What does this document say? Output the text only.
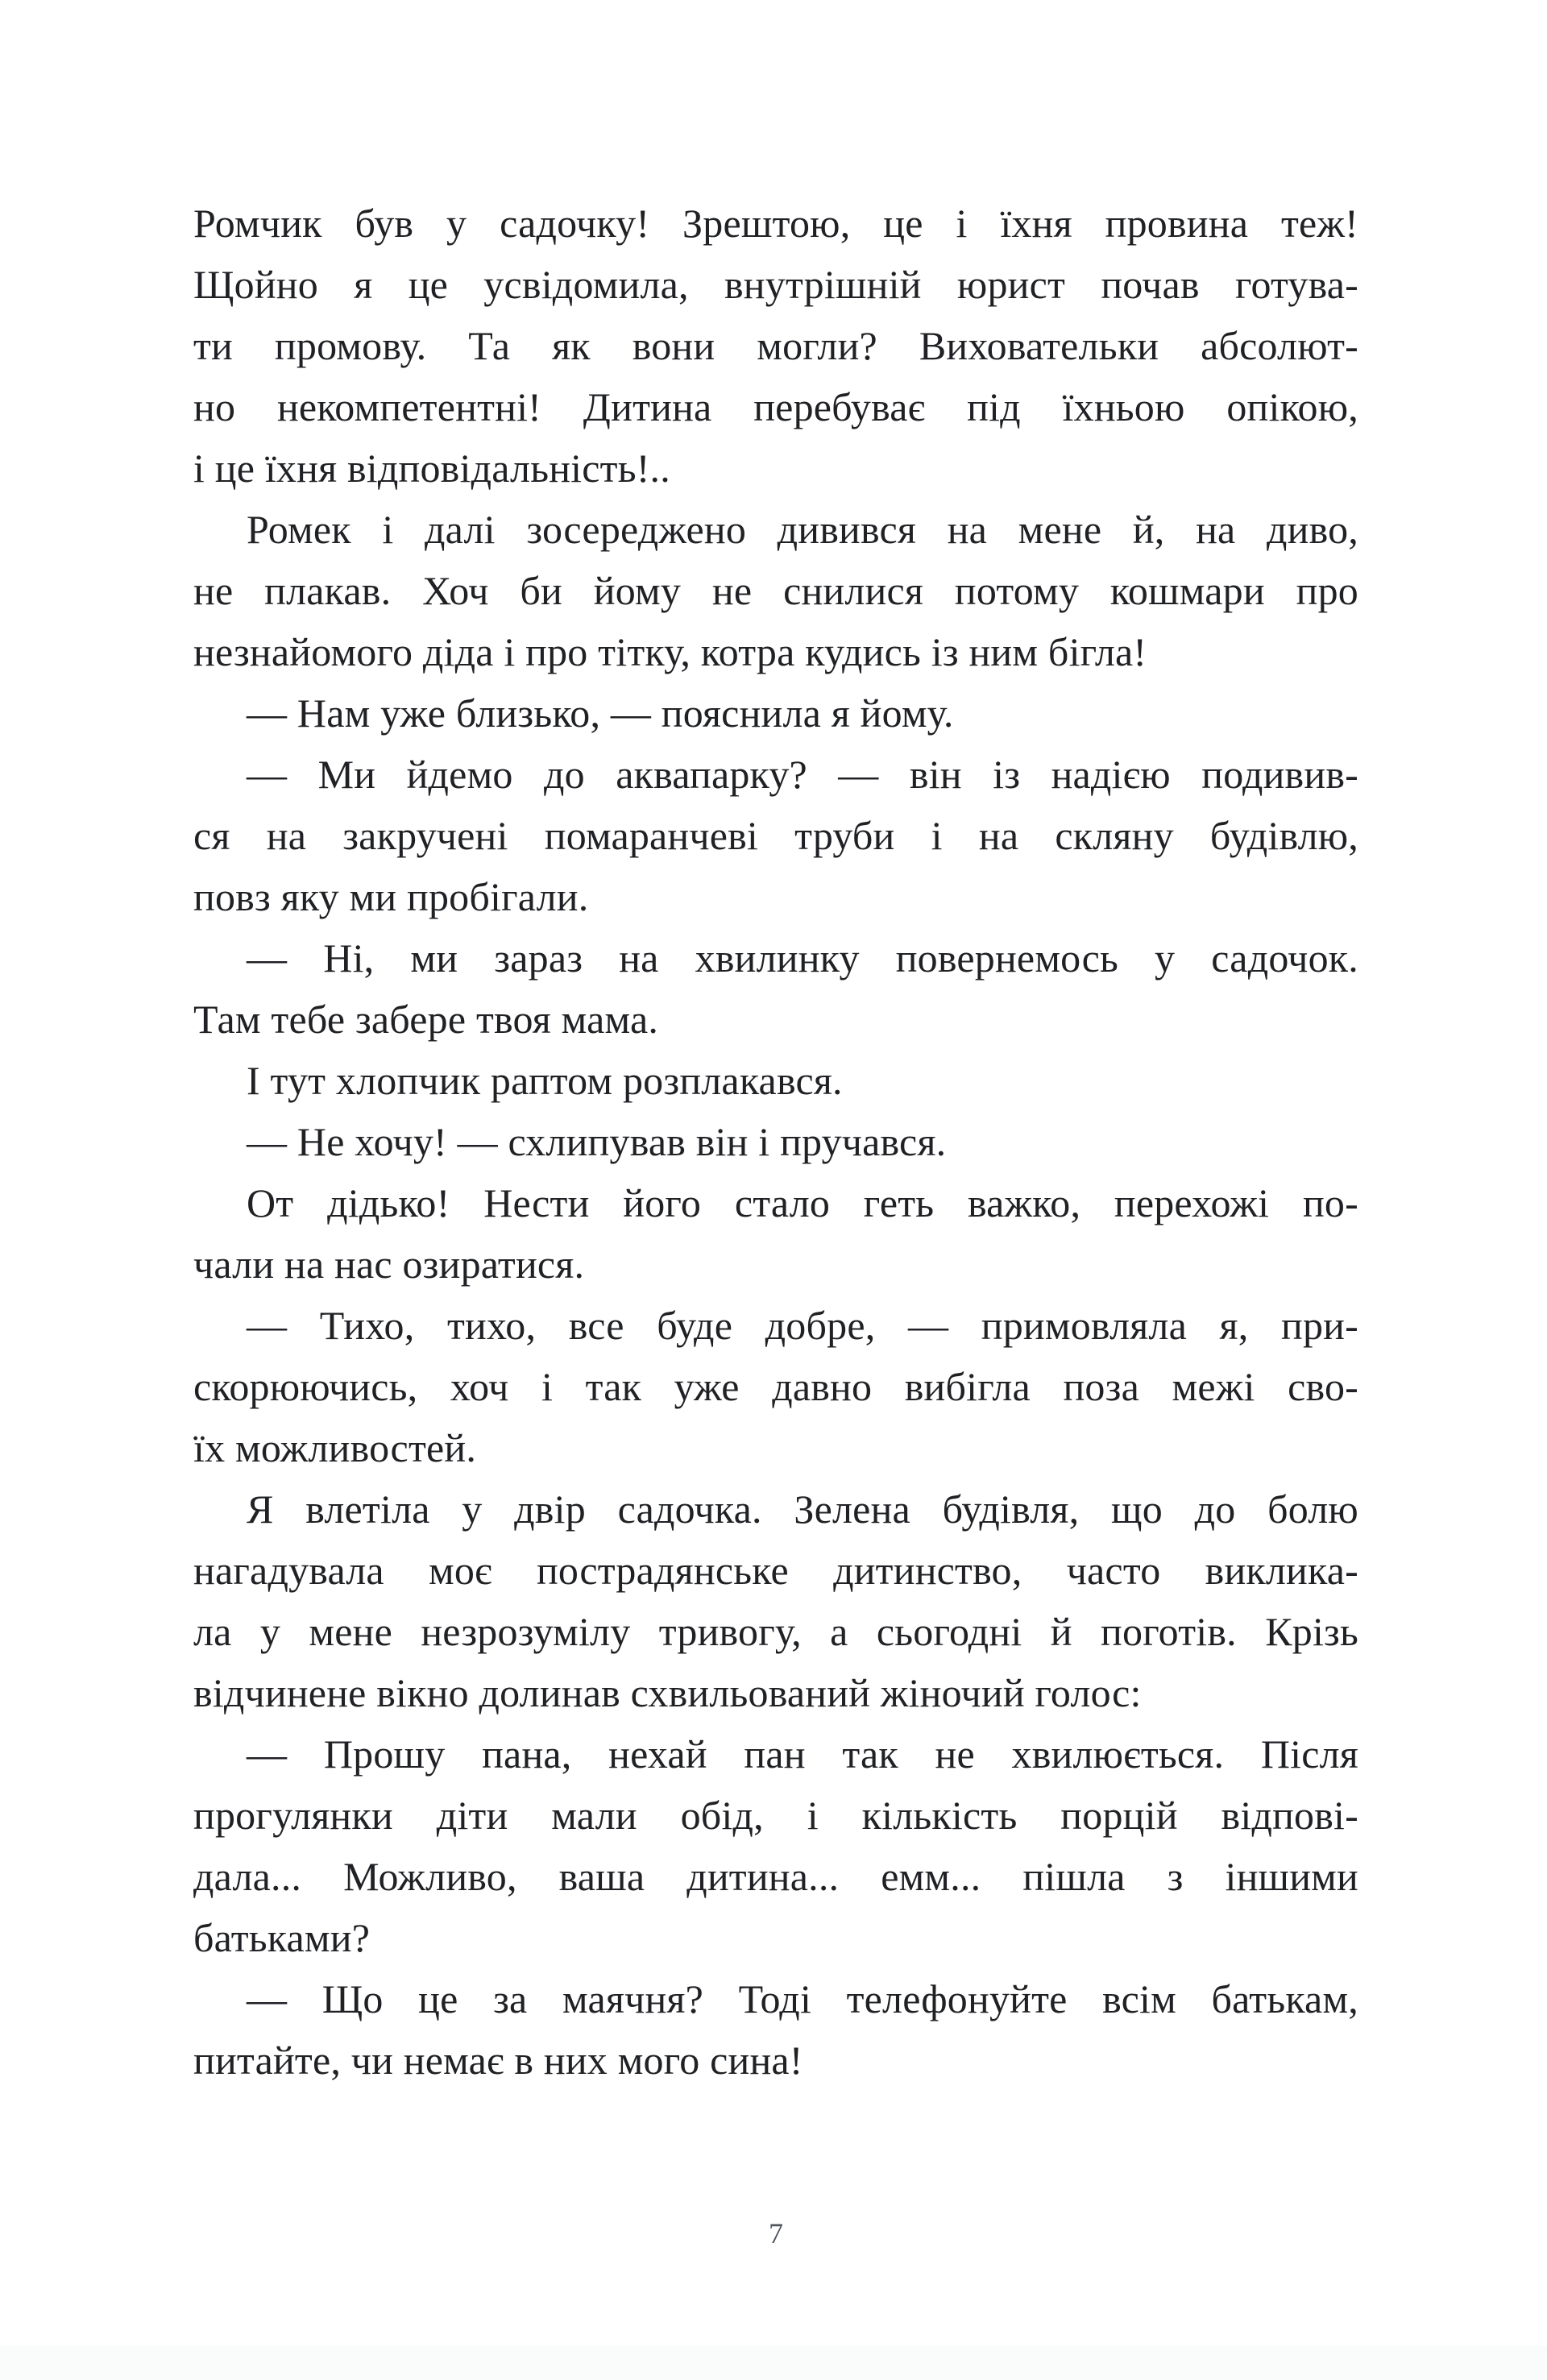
Ромчик був у садочку! Зрештою, це і їхня провина теж!
Щойно я це усвідомила, внутрішній юрист почав готува-
ти промову. Та як вони могли? Виховательки абсолют-
но некомпетентні! Дитина перебуває під їхньою опікою,
і це їхня відповідальність!..
Ромек і далі зосереджено дивився на мене й, на диво,
не плакав. Хоч би йому не снилися потому кошмари про
незнайомого діда і про тітку, котра кудись із ним бігла!
— Нам уже близько, — пояснила я йому.
— Ми йдемо до аквапарку? — він із надією подивив-
ся на закручені помаранчеві труби і на скляну будівлю,
повз яку ми пробігали.
— Ні, ми зараз на хвилинку повернемось у садочок.
Там тебе забере твоя мама.
І тут хлопчик раптом розплакався.
— Не хочу! — схлипував він і пручався.
От дідько! Нести його стало геть важко, перехожі по-
чали на нас озиратися.
— Тихо, тихо, все буде добре, — примовляла я, при-
скорюючись, хоч і так уже давно вибігла поза межі сво-
їх можливостей.
Я влетіла у двір садочка. Зелена будівля, що до болю
нагадувала моє пострадянське дитинство, часто виклика-
ла у мене незрозумілу тривогу, а сьогодні й поготів. Крізь
відчинене вікно долинав схвильований жіночий голос:
— Прошу пана, нехай пан так не хвилюється. Після
прогулянки діти мали обід, і кількість порцій відпові-
дала... Можливо, ваша дитина... емм... пішла з іншими
батьками?
— Що це за маячня? Тоді телефонуйте всім батькам,
питайте, чи немає в них мого сина!
7
